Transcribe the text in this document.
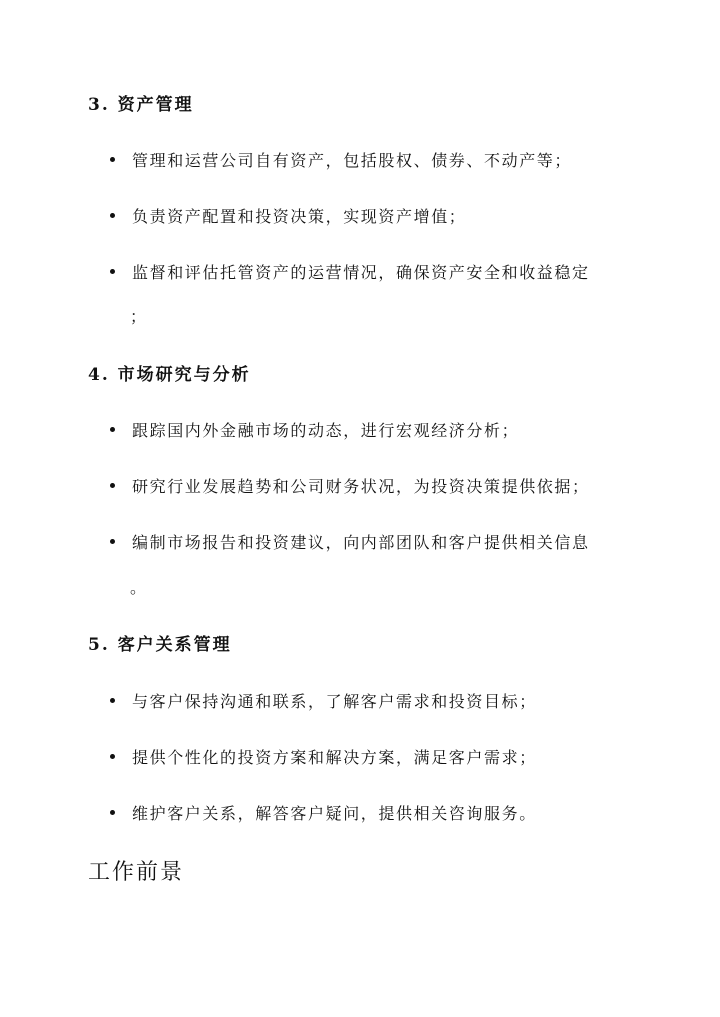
3. 资产管理
管理和运营公司自有资产，包括股权、债券、不动产等；
负责资产配置和投资决策，实现资产增值；
监督和评估托管资产的运营情况，确保资产安全和收益稳定
；
4. 市场研究与分析
跟踪国内外金融市场的动态，进行宏观经济分析；
研究行业发展趋势和公司财务状况，为投资决策提供依据；
编制市场报告和投资建议，向内部团队和客户提供相关信息
。
5. 客户关系管理
与客户保持沟通和联系，了解客户需求和投资目标；
提供个性化的投资方案和解决方案，满足客户需求；
维护客户关系，解答客户疑问，提供相关咨询服务。
工作前景
